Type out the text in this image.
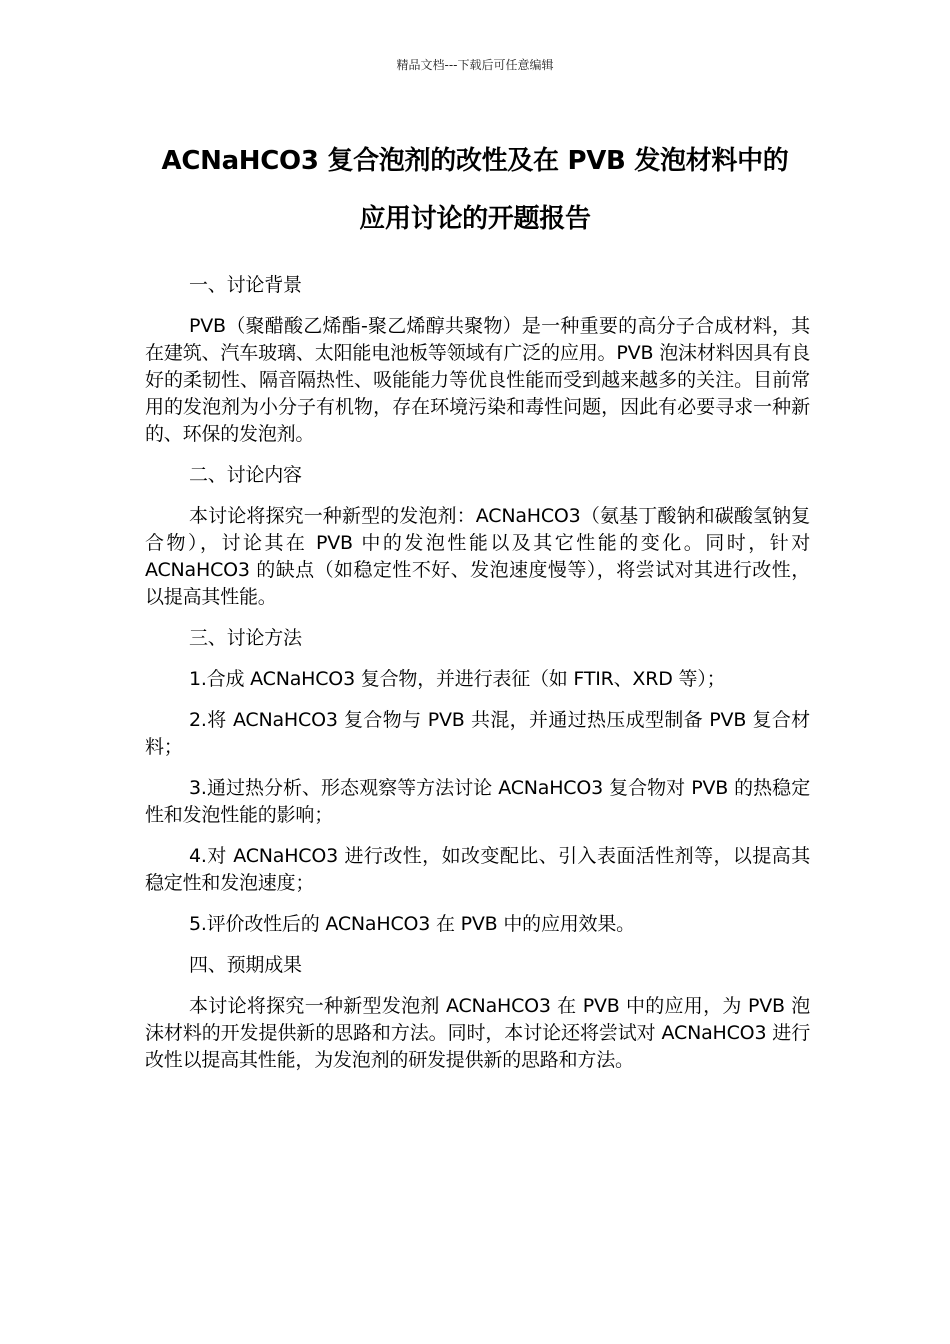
精品文档---下载后可任意编辑
ACNaHCO3 复合泡剂的改性及在 PVB 发泡材料中的
应用讨论的开题报告

一、讨论背景

PVB（聚醋酸乙烯酯-聚乙烯醇共聚物）是一种重要的高分子合成材料，其在建筑、汽车玻璃、太阳能电池板等领域有广泛的应用。PVB 泡沫材料因具有良好的柔韧性、隔音隔热性、吸能能力等优良性能而受到越来越多的关注。目前常用的发泡剂为小分子有机物，存在环境污染和毒性问题，因此有必要寻求一种新的、环保的发泡剂。

二、讨论内容

本讨论将探究一种新型的发泡剂：ACNaHCO3（氨基丁酸钠和碳酸氢钠复合物），讨论其在 PVB 中的发泡性能以及其它性能的变化。同时，针对 ACNaHCO3 的缺点（如稳定性不好、发泡速度慢等），将尝试对其进行改性，以提高其性能。

三、讨论方法

1.合成 ACNaHCO3 复合物，并进行表征（如 FTIR、XRD 等）；

2.将 ACNaHCO3 复合物与 PVB 共混，并通过热压成型制备 PVB 复合材料；

3.通过热分析、形态观察等方法讨论 ACNaHCO3 复合物对 PVB 的热稳定性和发泡性能的影响；

4.对 ACNaHCO3 进行改性，如改变配比、引入表面活性剂等，以提高其稳定性和发泡速度；

5.评价改性后的 ACNaHCO3 在 PVB 中的应用效果。

四、预期成果

本讨论将探究一种新型发泡剂 ACNaHCO3 在 PVB 中的应用，为 PVB 泡沫材料的开发提供新的思路和方法。同时，本讨论还将尝试对 ACNaHCO3 进行改性以提高其性能，为发泡剂的研发提供新的思路和方法。
